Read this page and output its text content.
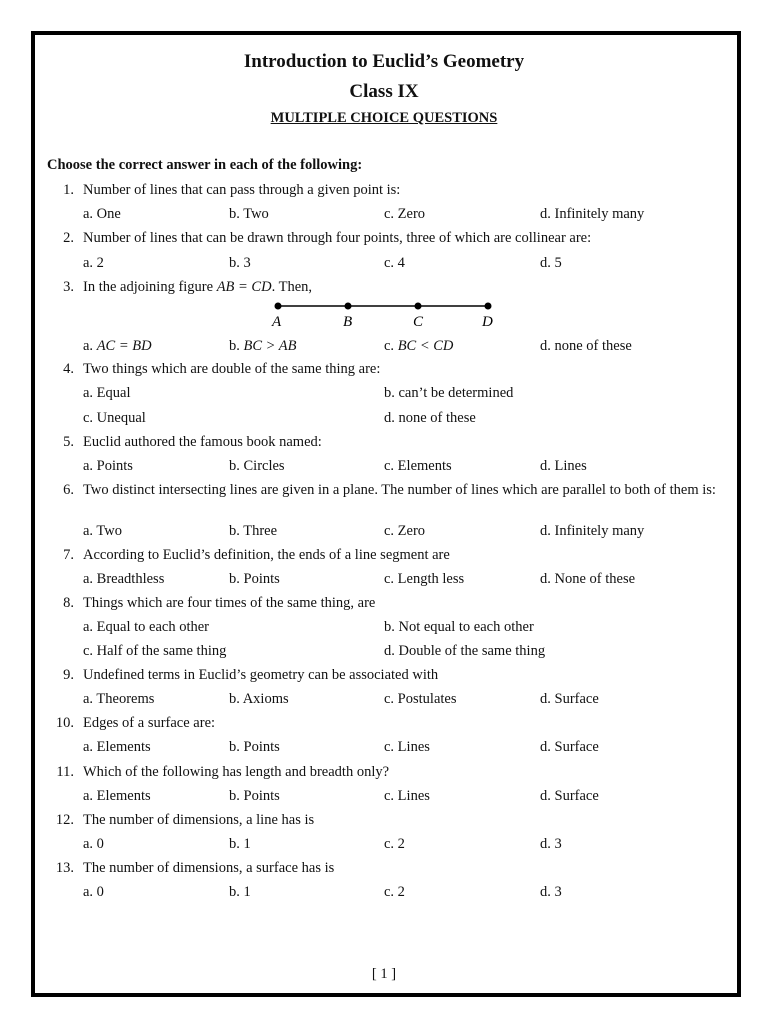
Introduction to Euclid’s Geometry
Class IX
MULTIPLE CHOICE QUESTIONS
Choose the correct answer in each of the following:
1. Number of lines that can pass through a given point is:
a. One	b. Two	c. Zero	d. Infinitely many
2. Number of lines that can be drawn through four points, three of which are collinear are:
a. 2	b. 3	c. 4	d. 5
3. In the adjoining figure AB = CD. Then,
A	B	C	D
a. AC = BD	b. BC > AB	c. BC < CD	d. none of these
4. Two things which are double of the same thing are:
a. Equal	b. can’t be determined
c. Unequal	d. none of these
5. Euclid authored the famous book named:
a. Points	b. Circles	c. Elements	d. Lines
6. Two distinct intersecting lines are given in a plane. The number of lines which are parallel to both of them is:
a. Two	b. Three	c. Zero	d. Infinitely many
7. According to Euclid’s definition, the ends of a line segment are
a. Breadthless	b. Points	c. Length less	d. None of these
8. Things which are four times of the same thing, are
a. Equal to each other	b. Not equal to each other
c. Half of the same thing	d. Double of the same thing
9. Undefined terms in Euclid’s geometry can be associated with
a. Theorems	b. Axioms	c. Postulates	d. Surface
10. Edges of a surface are:
a. Elements	b. Points	c. Lines	d. Surface
11. Which of the following has length and breadth only?
a. Elements	b. Points	c. Lines	d. Surface
12. The number of dimensions, a line has is
a. 0	b. 1	c. 2	d. 3
13. The number of dimensions, a surface has is
a. 0	b. 1	c. 2	d. 3
[ 1 ]
